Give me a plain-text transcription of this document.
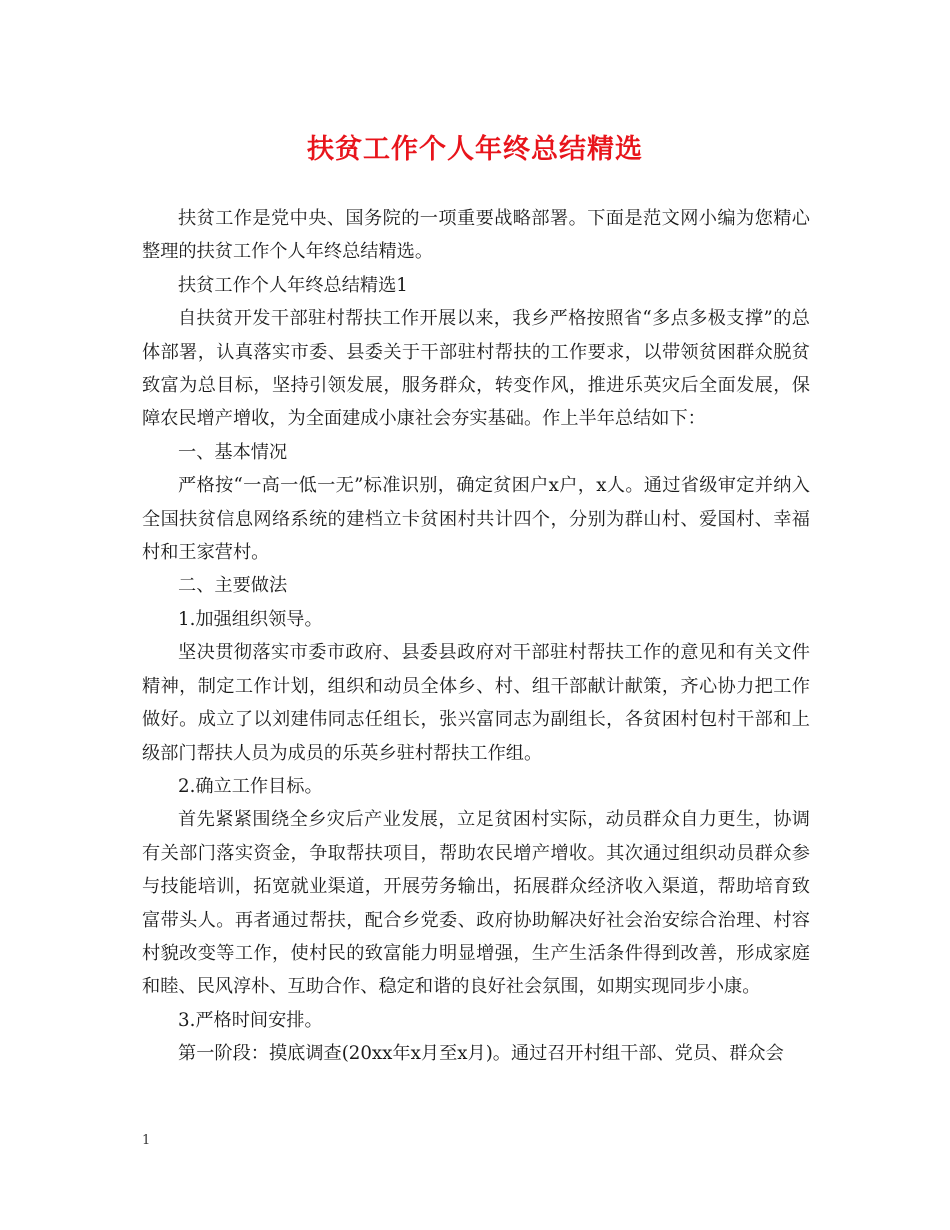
扶贫工作个人年终总结精选

扶贫工作是党中央、国务院的一项重要战略部署。下面是范文网小编为您精心整理的扶贫工作个人年终总结精选。

扶贫工作个人年终总结精选1

自扶贫开发干部驻村帮扶工作开展以来，我乡严格按照省“多点多极支撑”的总体部署，认真落实市委、县委关于干部驻村帮扶的工作要求，以带领贫困群众脱贫致富为总目标，坚持引领发展，服务群众，转变作风，推进乐英灾后全面发展，保障农民增产增收，为全面建成小康社会夯实基础。作上半年总结如下：

一、基本情况

严格按“一高一低一无”标准识别，确定贫困户x户，x人。通过省级审定并纳入全国扶贫信息网络系统的建档立卡贫困村共计四个，分别为群山村、爱国村、幸福村和王家营村。

二、主要做法

1.加强组织领导。

坚决贯彻落实市委市政府、县委县政府对干部驻村帮扶工作的意见和有关文件精神，制定工作计划，组织和动员全体乡、村、组干部献计献策，齐心协力把工作做好。成立了以刘建伟同志任组长，张兴富同志为副组长，各贫困村包村干部和上级部门帮扶人员为成员的乐英乡驻村帮扶工作组。

2.确立工作目标。

首先紧紧围绕全乡灾后产业发展，立足贫困村实际，动员群众自力更生，协调有关部门落实资金，争取帮扶项目，帮助农民增产增收。其次通过组织动员群众参与技能培训，拓宽就业渠道，开展劳务输出，拓展群众经济收入渠道，帮助培育致富带头人。再者通过帮扶，配合乡党委、政府协助解决好社会治安综合治理、村容村貌改变等工作，使村民的致富能力明显增强，生产生活条件得到改善，形成家庭和睦、民风淳朴、互助合作、稳定和谐的良好社会氛围，如期实现同步小康。

3.严格时间安排。

第一阶段：摸底调查(20xx年x月至x月)。通过召开村组干部、党员、群众会

1
